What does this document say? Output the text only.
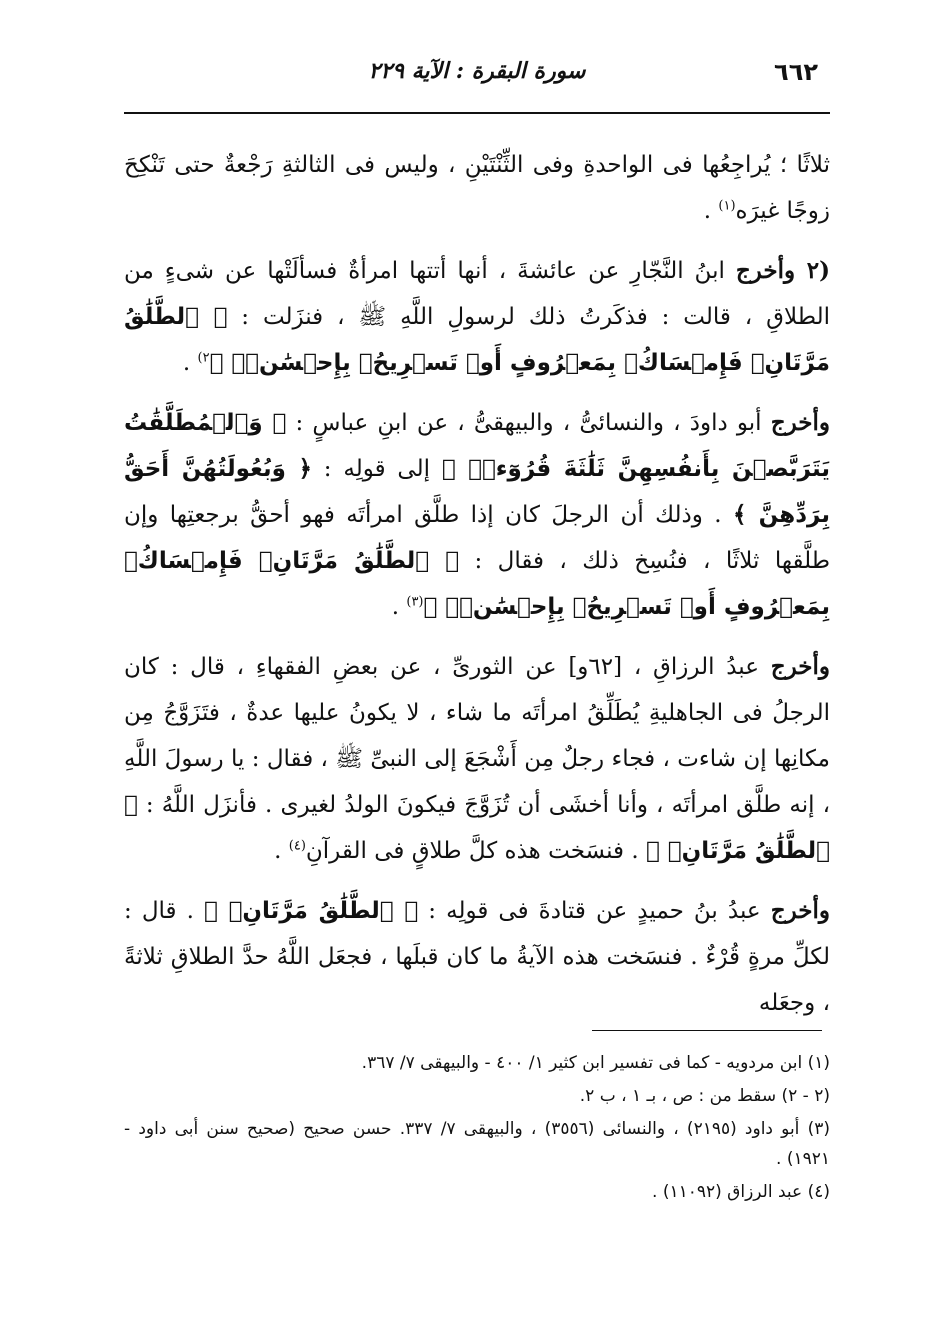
٦٦٢
سورة البقرة : الآية ٢٢٩

ثلاثًا ؛ يُراجِعُها فى الواحدةِ وفى الثِّنْتَيْنِ ، وليس فى الثالثةِ رَجْعةٌ حتى تَنْكِحَ زوجًا غيرَه$^{(١)}$ .

(٢ وأخرج ابنُ النَّجّارِ عن عائشةَ ، أنها أتتها امرأةٌ فسألَتْها عن شىءٍ من الطلاقِ ، قالت : فذكَرتُ ذلك لرسولِ اللَّهِ ﷺ ، فنزَلت : ﴿ ٱلطَّلَٰقُ مَرَّتَانِۖ فَإِمۡسَاكُۢ بِمَعۡرُوفٍ أَوۡ تَسۡرِيحُۢ بِإِحۡسَٰنٖۗ ﴾$^{٢)}$ .

وأخرج أبو داودَ ، والنسائىُّ ، والبيهقىُّ ، عن ابنِ عباسٍ : ﴿ وَٱلۡمُطَلَّقَٰتُ يَتَرَبَّصۡنَ بِأَنفُسِهِنَّ ثَلَٰثَةَ قُرُوٓءٖۚ ﴾ إلى قولِه : ﴿ وَبُعُولَتُهُنَّ أَحَقُّ بِرَدِّهِنَّ ﴾ . وذلك أن الرجلَ كان إذا طلَّق امرأتَه فهو أحقُّ برجعتِها وإن طلَّقها ثلاثًا ، فنُسِخ ذلك ، فقال : ﴿ ٱلطَّلَٰقُ مَرَّتَانِۖ فَإِمۡسَاكُۢ بِمَعۡرُوفٍ أَوۡ تَسۡرِيحُۢ بِإِحۡسَٰنٖۗ ﴾$^{(٣)}$ .

وأخرج عبدُ الرزاقِ ، [٦٢و] عن الثورىِّ ، عن بعضِ الفقهاءِ ، قال : كان الرجلُ فى الجاهليةِ يُطَلِّقُ امرأتَه ما شاء ، لا يكونُ عليها عدةٌ ، فتَزَوَّجُ مِن مكانِها إن شاءت ، فجاء رجلٌ مِن أَشْجَعَ إلى النبىِّ ﷺ ، فقال : يا رسولَ اللَّهِ ، إنه طلَّق امرأتَه ، وأنا أخشَى أن تُزَوَّجَ فيكونَ الولدُ لغيرى . فأنزَل اللَّهُ : ﴿ ٱلطَّلَٰقُ مَرَّتَانِۖ ﴾ . فنسَخت هذه كلَّ طلاقٍ فى القرآنِ$^{(٤)}$ .

وأخرج عبدُ بنُ حميدٍ عن قتادةَ فى قولِه : ﴿ ٱلطَّلَٰقُ مَرَّتَانِۖ ﴾ . قال : لكلِّ مرةٍ قُرْءٌ . فنسَخت هذه الآيةُ ما كان قبلَها ، فجعَل اللَّهُ حدَّ الطلاقِ ثلاثةً ، وجعَله

(١) ابن مردويه - كما فى تفسير ابن كثير ١/ ٤٠٠ - والبيهقى ٧/ ٣٦٧.

(٢ - ٢) سقط من : ص ، بـ ١ ، ب ٢.

(٣) أبو داود (٢١٩٥) ، والنسائى (٣٥٥٦) ، والبيهقى ٧/ ٣٣٧. حسن صحيح (صحيح سنن أبى داود - ١٩٢١) .

(٤) عبد الرزاق (١١٠٩٢) .
